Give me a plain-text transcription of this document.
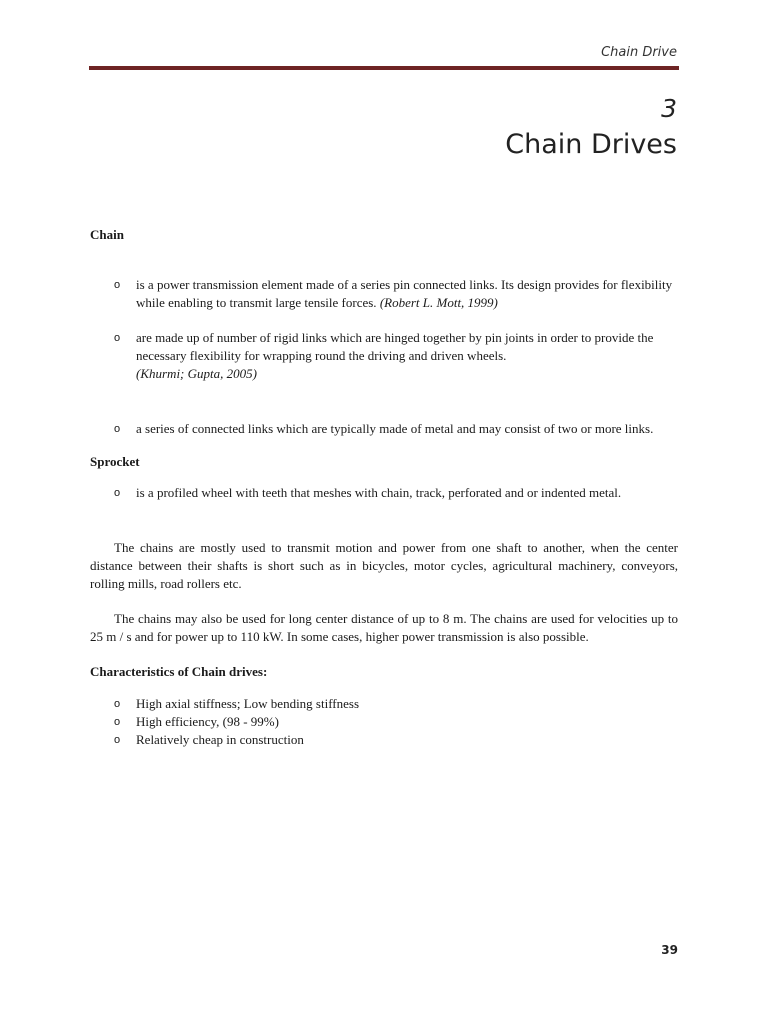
Chain Drive
3
Chain Drives
Chain
o is a power transmission element made of a series pin connected links. Its design provides for flexibility while enabling to transmit large tensile forces. (Robert L. Mott, 1999)
o are made up of number of rigid links which are hinged together by pin joints in order to provide the necessary flexibility for wrapping round the driving and driven wheels.
(Khurmi; Gupta, 2005)
o a series of connected links which are typically made of metal and may consist of two or more links.
Sprocket
o is a profiled wheel with teeth that meshes with chain, track, perforated and or indented metal.

The chains are mostly used to transmit motion and power from one shaft to another, when the center distance between their shafts is short such as in bicycles, motor cycles, agricultural machinery, conveyors, rolling mills, road rollers etc.

The chains may also be used for long center distance of up to 8 m. The chains are used for velocities up to 25 m / s and for power up to 110 kW. In some cases, higher power transmission is also possible.

Characteristics of Chain drives:
o High axial stiffness; Low bending stiffness
o High efficiency, (98 - 99%)
o Relatively cheap in construction
39
